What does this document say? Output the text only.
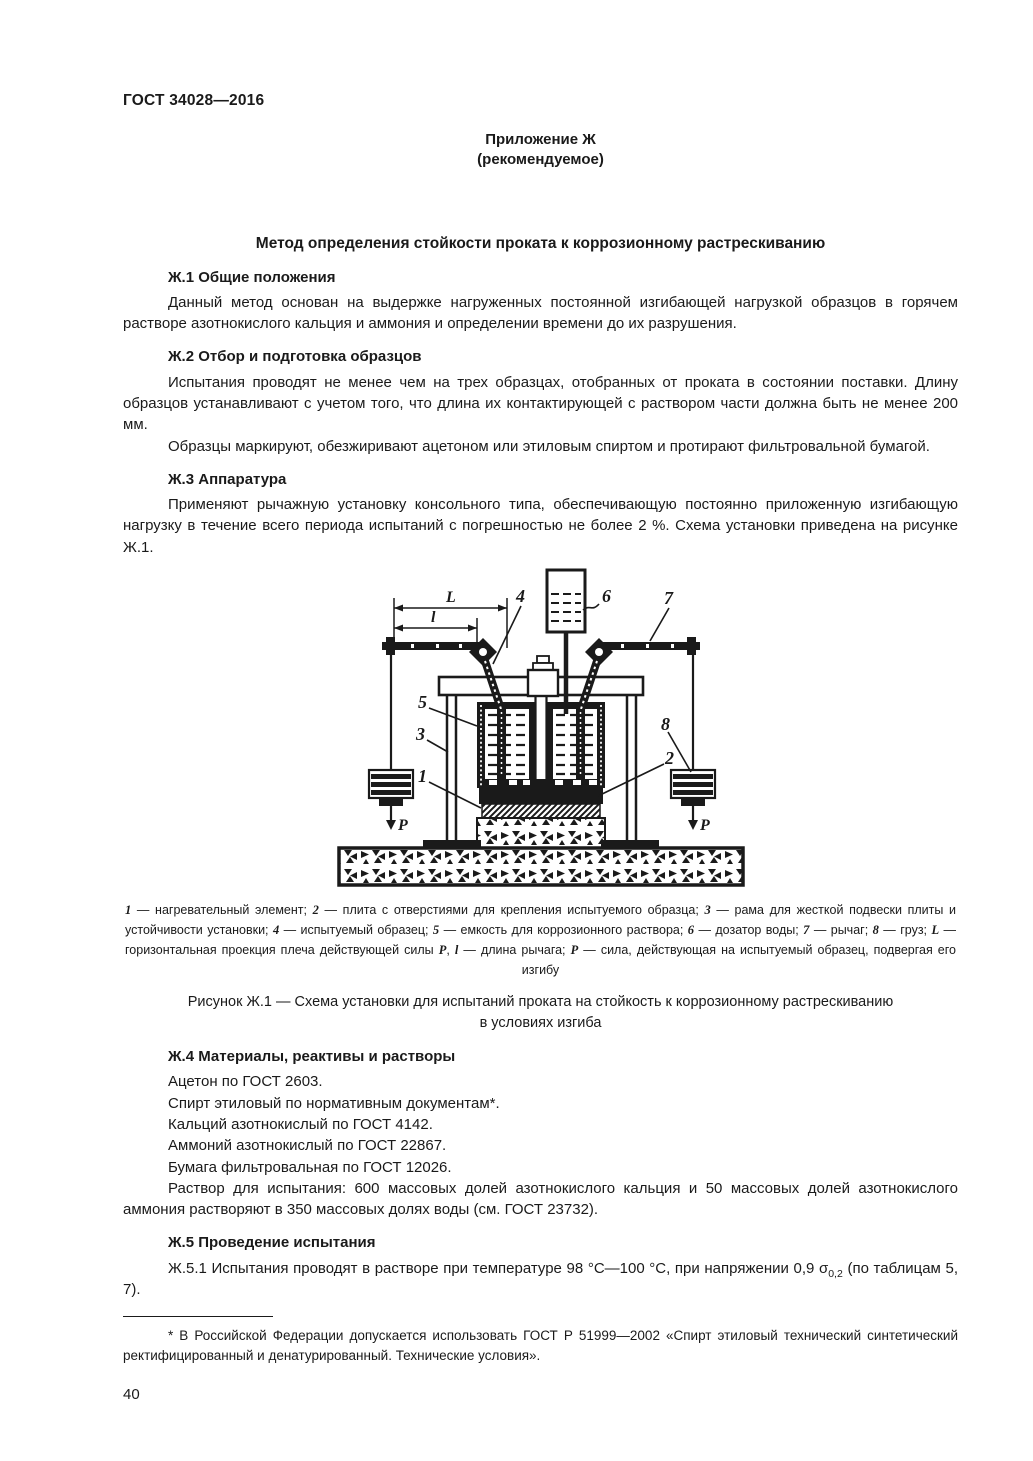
ГОСТ 34028—2016
Приложение Ж
(рекомендуемое)
Метод определения стойкости проката к коррозионному растрескиванию
Ж.1 Общие положения

Данный метод основан на выдержке нагруженных постоянной изгибающей нагрузкой образцов в горячем растворе азотнокислого кальция и аммония и определении времени до их разрушения.

Ж.2 Отбор и подготовка образцов

Испытания проводят не менее чем на трех образцах, отобранных от проката в состоянии поставки. Длину образцов устанавливают с учетом того, что длина их контактирующей с раствором части должна быть не менее 200 мм.

Образцы маркируют, обезжиривают ацетоном или этиловым спиртом и протирают фильтровальной бумагой.

Ж.3 Аппаратура

Применяют рычажную установку консольного типа, обеспечивающую постоянно приложенную изгибающую нагрузку в течение всего периода испытаний с погрешностью не более 2 %. Схема установки приведена на рисунке Ж.1.

P	P
L
l
4	6	7
5
3
1
8
2
1 — нагревательный элемент; 2 — плита с отверстиями для крепления испытуемого образца; 3 — рама для жесткой подвески плиты и устойчивости установки; 4 — испытуемый образец; 5 — емкость для коррозионного раствора; 6 — дозатор воды; 7 — рычаг; 8 — груз; L — горизонтальная проекция плеча действующей силы P, l — длина рычага; P — сила, действующая на испытуемый образец, подвергая его изгибу
Рисунок Ж.1 — Схема установки для испытаний проката на стойкость к коррозионному растрескиванию
в условиях изгиба
Ж.4 Материалы, реактивы и растворы

Ацетон по ГОСТ 2603.

Спирт этиловый по нормативным документам*.

Кальций азотнокислый по ГОСТ 4142.

Аммоний азотнокислый по ГОСТ 22867.

Бумага фильтровальная по ГОСТ 12026.

Раствор для испытания: 600 массовых долей азотнокислого кальция и 50 массовых долей азотнокислого аммония растворяют в 350 массовых долях воды (см. ГОСТ 23732).

Ж.5 Проведение испытания

Ж.5.1 Испытания проводят в растворе при температуре 98 °С—100 °С, при напряжении 0,9 $\sigma_{0,2}$ (по таблицам 5, 7).

* В Российской Федерации допускается использовать ГОСТ Р 51999—2002 «Спирт этиловый технический синтетический ректифицированный и денатурированный. Технические условия».

40
